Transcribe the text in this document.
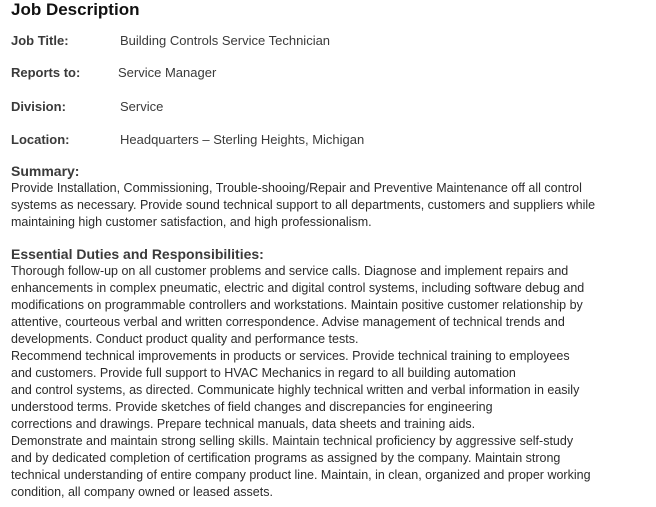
Job Description
Job Title:	Building Controls Service Technician
Reports to:	Service Manager
Division:	Service
Location:	Headquarters – Sterling Heights, Michigan
Summary:
Provide Installation, Commissioning, Trouble-shooing/Repair and Preventive Maintenance off all control
systems as necessary. Provide sound technical support to all departments, customers and suppliers while
maintaining high customer satisfaction, and high professionalism.
Essential Duties and Responsibilities:
Thorough follow-up on all customer problems and service calls. Diagnose and implement repairs and
enhancements in complex pneumatic, electric and digital control systems, including software debug and
modifications on programmable controllers and workstations. Maintain positive customer relationship by
attentive, courteous verbal and written correspondence. Advise management of technical trends and
developments. Conduct product quality and performance tests.
Recommend technical improvements in products or services. Provide technical training to employees
and customers. Provide full support to HVAC Mechanics in regard to all building automation
and control systems, as directed. Communicate highly technical written and verbal information in easily
understood terms. Provide sketches of field changes and discrepancies for engineering
corrections and drawings. Prepare technical manuals, data sheets and training aids.
Demonstrate and maintain strong selling skills. Maintain technical proficiency by aggressive self-study
and by dedicated completion of certification programs as assigned by the company. Maintain strong
technical understanding of entire company product line. Maintain, in clean, organized and proper working
condition, all company owned or leased assets.
